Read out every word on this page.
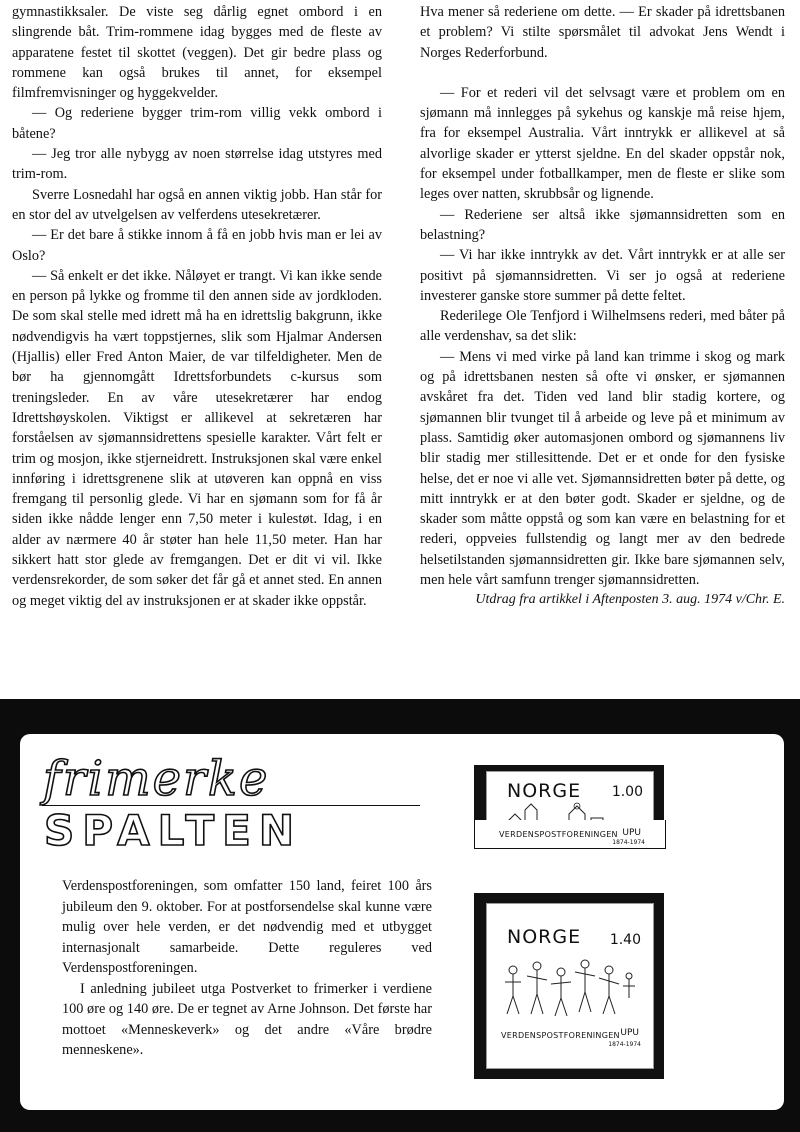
gymnastikksaler. De viste seg dårlig egnet ombord i en slingrende båt. Trim-rommene idag bygges med de fleste av apparatene festet til skottet (veggen). Det gir bedre plass og rommene kan også brukes til annet, for eksempel filmfremvisninger og hyggekvelder.

— Og rederiene bygger trim-rom villig vekk ombord i båtene?

— Jeg tror alle nybygg av noen størrelse idag utstyres med trim-rom.

Sverre Losnedahl har også en annen viktig jobb. Han står for en stor del av utvelgelsen av velferdens utesekretærer.

— Er det bare å stikke innom å få en jobb hvis man er lei av Oslo?

— Så enkelt er det ikke. Nåløyet er trangt. Vi kan ikke sende en person på lykke og fromme til den annen side av jordkloden. De som skal stelle med idrett må ha en idrettslig bakgrunn, ikke nødvendigvis ha vært toppstjernes, slik som Hjalmar Andersen (Hjallis) eller Fred Anton Maier, de var tilfeldigheter. Men de bør ha gjennomgått Idrettsforbundets c-kursus som treningsleder. En av våre utesekretærer har endog Idrettshøyskolen. Viktigst er allikevel at sekretæren har forståelsen av sjømannsidrettens spesielle karakter. Vårt felt er trim og mosjon, ikke stjerneidrett. Instruksjonen skal være enkel innføring i idrettsgrenene slik at utøveren kan oppnå en viss fremgang til personlig glede. Vi har en sjømann som for få år siden ikke nådde lenger enn 7,50 meter i kulestøt. Idag, i en alder av nærmere 40 år støter han hele 11,50 meter. Han har sikkert hatt stor glede av fremgangen. Det er dit vi vil. Ikke verdensrekorder, de som søker det får gå et annet sted. En annen og meget viktig del av instruksjonen er at skader ikke oppstår.

Hva mener så rederiene om dette. — Er skader på idrettsbanen et problem? Vi stilte spørsmålet til advokat Jens Wendt i Norges Rederforbund.

— For et rederi vil det selvsagt være et problem om en sjømann må innlegges på sykehus og kanskje må reise hjem, fra for eksempel Australia. Vårt inntrykk er allikevel at så alvorlige skader er ytterst sjeldne. En del skader oppstår nok, for eksempel under fotballkamper, men de fleste er slike som leges over natten, skrubbsår og lignende.

— Rederiene ser altså ikke sjømannsidretten som en belastning?

— Vi har ikke inntrykk av det. Vårt inntrykk er at alle ser positivt på sjømannsidretten. Vi ser jo også at rederiene investerer ganske store summer på dette feltet.

Rederilege Ole Tenfjord i Wilhelmsens rederi, med båter på alle verdenshav, sa det slik:

— Mens vi med virke på land kan trimme i skog og mark og på idrettsbanen nesten så ofte vi ønsker, er sjømannen avskåret fra det. Tiden ved land blir stadig kortere, og sjømannen blir tvunget til å arbeide og leve på et minimum av plass. Samtidig øker automasjonen ombord og sjømannens liv blir stadig mer stillesittende. Det er et onde for den fysiske helse, det er noe vi alle vet. Sjømannsidretten bøter på dette, og mitt inntrykk er at den bøter godt. Skader er sjeldne, og de skader som måtte oppstå og som kan være en belastning for et rederi, oppveies fullstendig og langt mer av den bedrede helsetilstanden sjømannsidretten gir. Ikke bare sjømannen selv, men hele vårt samfunn trenger sjømannsidretten.

Utdrag fra artikkel i Aftenposten 3. aug. 1974 v/Chr. E.

frimerke
SPALTEN

Verdenspostforeningen, som omfatter 150 land, feiret 100 års jubileum den 9. oktober. For at postforsendelse skal kunne være mulig over hele verden, er det nødvendig med et utbygget internasjonalt samarbeide. Dette reguleres ved Verdenspostforeningen.

I anledning jubileet utga Postverket to frimerker i verdiene 100 øre og 140 øre. De er tegnet av Arne Johnson. Det første har mottoet «Menneskeverk» og det andre «Våre brødre menneskene».

NORGE 1.00
VERDENSPOSTFORENINGEN UPU
1874-1974
NORGE 1.40
VERDENSPOSTFORENINGEN UPU
1874-1974
